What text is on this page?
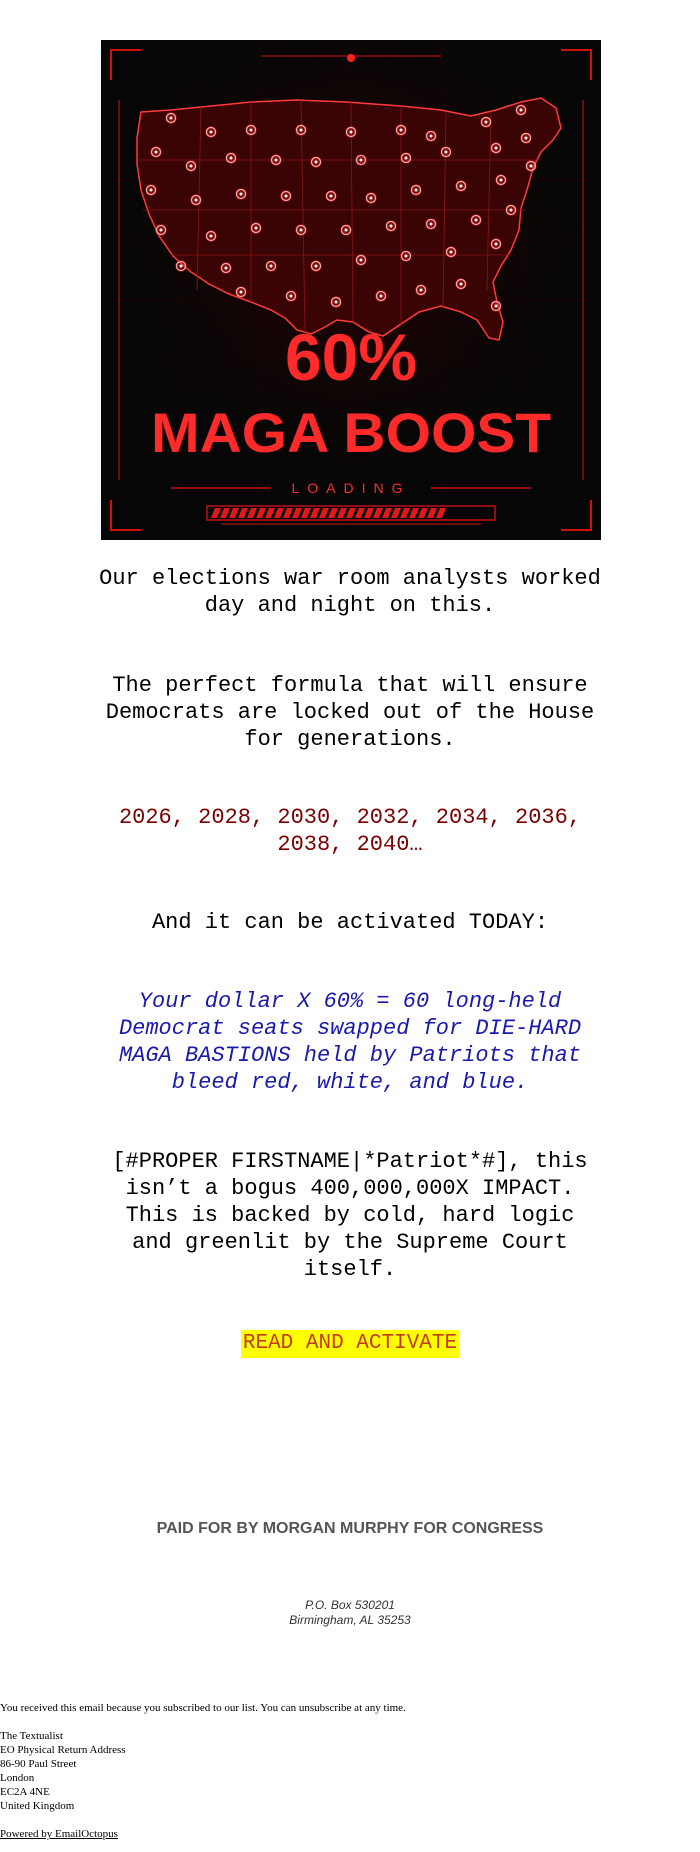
60%
MAGA BOOST
LOADING
Our elections war room analysts worked day and night on this.
The perfect formula that will ensure Democrats are locked out of the House for generations.
2026, 2028, 2030, 2032, 2034, 2036, 2038, 2040…
And it can be activated TODAY:
Your dollar X 60% = 60 long-held Democrat seats swapped for DIE-HARD MAGA BASTIONS held by Patriots that bleed red, white, and blue.
[#PROPER FIRSTNAME|*Patriot*#], this isn’t a bogus 400,000,000X IMPACT. This is backed by cold, hard logic and greenlit by the Supreme Court itself.
READ AND ACTIVATE
PAID FOR BY MORGAN MURPHY FOR CONGRESS
P.O. Box 530201
Birmingham, AL 35253
You received this email because you subscribed to our list. You can unsubscribe at any time.
The Textualist
EO Physical Return Address
86-90 Paul Street
London
EC2A 4NE
United Kingdom
Powered by EmailOctopus
